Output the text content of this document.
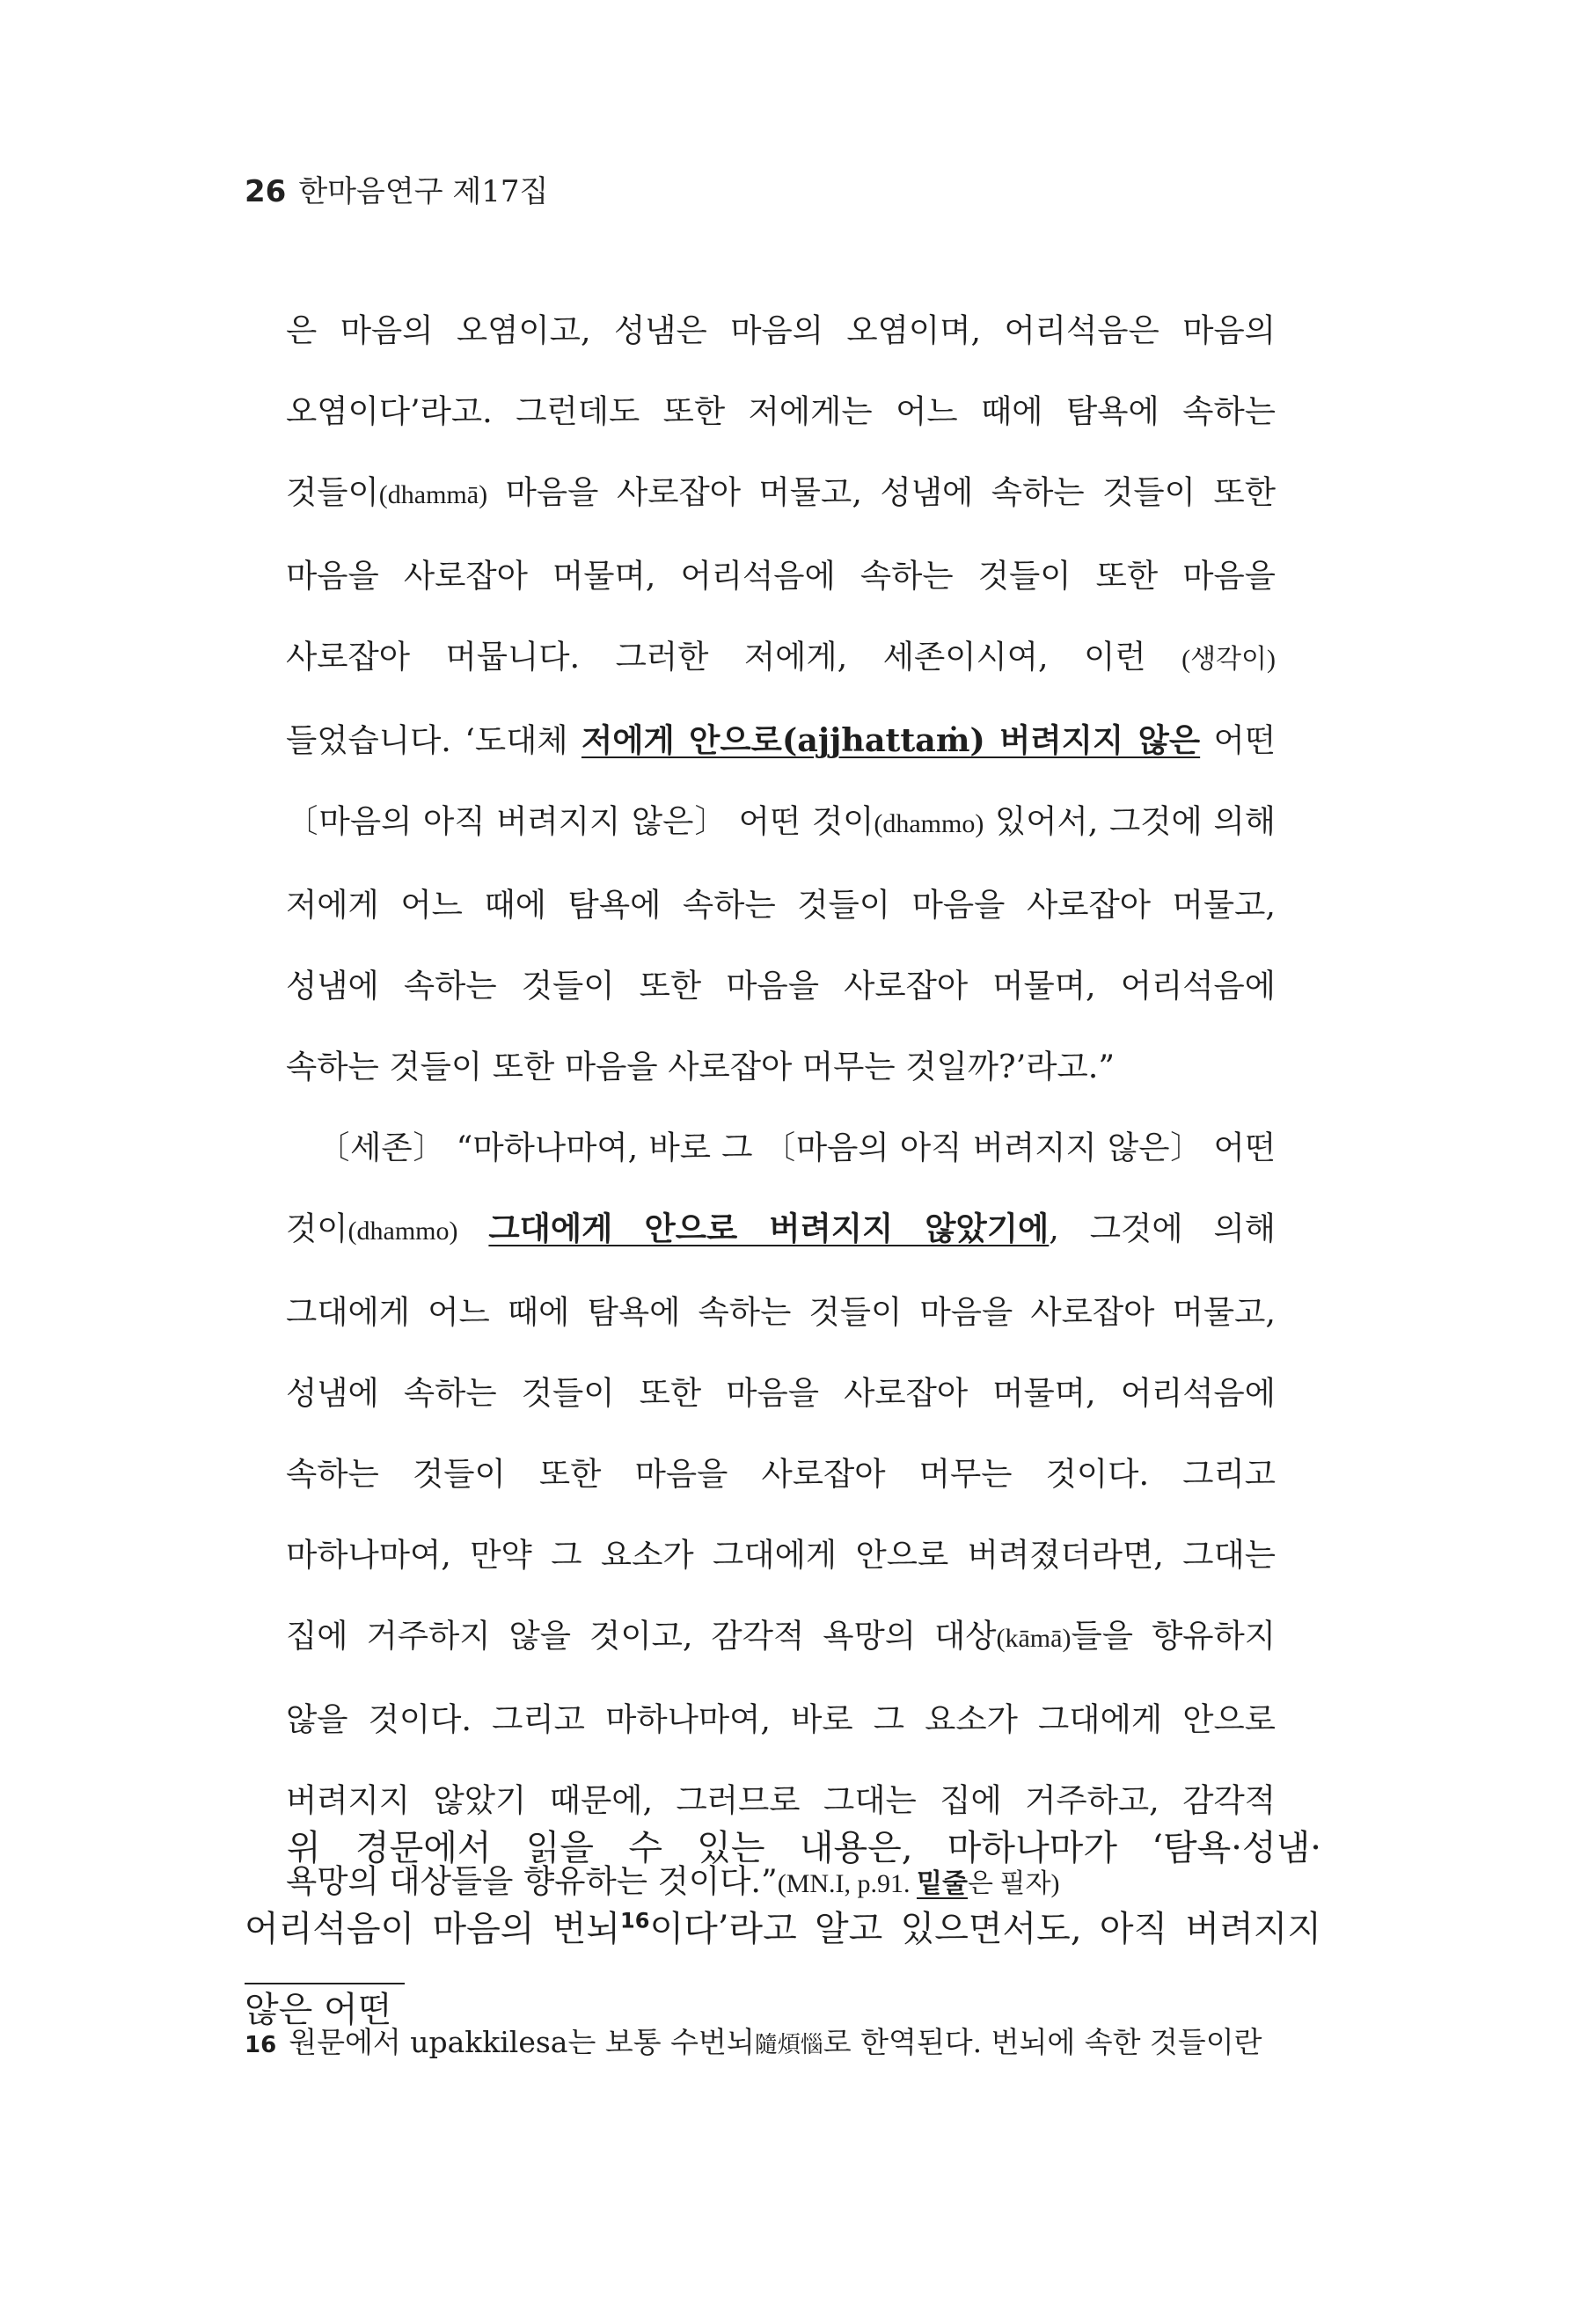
26 한마음연구 제17집

은 마음의 오염이고, 성냄은 마음의 오염이며, 어리석음은 마음의 오염이다’라고. 그런데도 또한 저에게는 어느 때에 탐욕에 속하는 것들이(dhammā) 마음을 사로잡아 머물고, 성냄에 속하는 것들이 또한 마음을 사로잡아 머물며, 어리석음에 속하는 것들이 또한 마음을 사로잡아 머뭅니다. 그러한 저에게, 세존이시여, 이런 (생각이) 들었습니다. ‘도대체 저에게 안으로(ajjhattaṁ) 버려지지 않은 어떤 〔마음의 아직 버려지지 않은〕 어떤 것이(dhammo) 있어서, 그것에 의해 저에게 어느 때에 탐욕에 속하는 것들이 마음을 사로잡아 머물고, 성냄에 속하는 것들이 또한 마음을 사로잡아 머물며, 어리석음에 속하는 것들이 또한 마음을 사로잡아 머무는 것일까?’라고.”

〔세존〕 “마하나마여, 바로 그 〔마음의 아직 버려지지 않은〕 어떤 것이(dhammo) 그대에게 안으로 버려지지 않았기에, 그것에 의해 그대에게 어느 때에 탐욕에 속하는 것들이 마음을 사로잡아 머물고, 성냄에 속하는 것들이 또한 마음을 사로잡아 머물며, 어리석음에 속하는 것들이 또한 마음을 사로잡아 머무는 것이다. 그리고 마하나마여, 만약 그 요소가 그대에게 안으로 버려졌더라면, 그대는 집에 거주하지 않을 것이고, 감각적 욕망의 대상(kāmā)들을 향유하지 않을 것이다. 그리고 마하나마여, 바로 그 요소가 그대에게 안으로 버려지지 않았기 때문에, 그러므로 그대는 집에 거주하고, 감각적 욕망의 대상들을 향유하는 것이다.”(MN.I, p.91. 밑줄은 필자)

위 경문에서 읽을 수 있는 내용은, 마하나마가 ‘탐욕·성냄·어리석음이 마음의 번뇌$^{16}$이다’라고 알고 있으면서도, 아직 버려지지 않은 어떤

16 원문에서 upakkilesa는 보통 수번뇌隨煩惱로 한역된다. 번뇌에 속한 것들이란
